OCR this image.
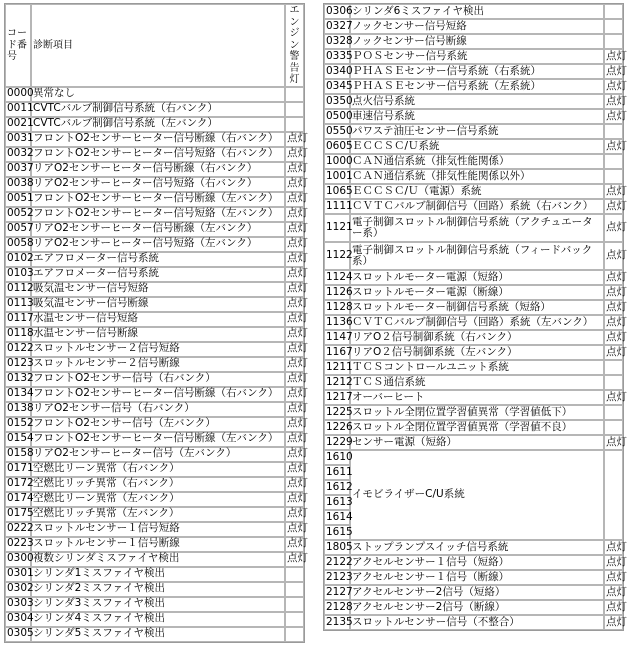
コード番号	診断項目	エンジン警告灯
0000	異常なし	
0011	CVTCバルブ制御信号系統（右バンク）	
0021	CVTCバルブ制御信号系統（左バンク）	
0031	フロントO2センサーヒーター信号断線（右バンク）	点灯
0032	フロントO2センサーヒーター信号短絡（右バンク）	点灯
0037	リアO2センサーヒーター信号断線（右バンク）	点灯
0038	リアO2センサーヒーター信号短絡（右バンク）	点灯
0051	フロントO2センサーヒーター信号断線（左バンク）	点灯
0052	フロントO2センサーヒーター信号短絡（左バンク）	点灯
0057	リアO2センサーヒーター信号断線（左バンク）	点灯
0058	リアO2センサーヒーター信号短絡（左バンク）	点灯
0102	エアフロメーター信号系統	点灯
0103	エアフロメーター信号系統	点灯
0112	吸気温センサー信号短絡	点灯
0113	吸気温センサー信号断線	点灯
0117	水温センサー信号短絡	点灯
0118	水温センサー信号断線	点灯
0122	スロットルセンサー２信号短絡	点灯
0123	スロットルセンサー２信号断線	点灯
0132	フロントO2センサー信号（右バンク）	点灯
0134	フロントO2センサーヒーター信号断線（右バンク）	点灯
0138	リアO2センサー信号（右バンク）	点灯
0152	フロントO2センサー信号（左バンク）	点灯
0154	フロントO2センサーヒーター信号断線（左バンク）	点灯
0158	リアO2センサーヒーター信号（左バンク）	点灯
0171	空燃比リーン異常（右バンク）	点灯
0172	空燃比リッチ異常（右バンク）	点灯
0174	空燃比リーン異常（左バンク）	点灯
0175	空燃比リッチ異常（左バンク）	点灯
0222	スロットルセンサー１信号短絡	点灯
0223	スロットルセンサー１信号断線	点灯
0300	複数シリンダミスファイヤ検出	点灯
0301	シリンダ1ミスファイヤ検出	
0302	シリンダ2ミスファイヤ検出	
0303	シリンダ3ミスファイヤ検出	
0304	シリンダ4ミスファイヤ検出	
0305	シリンダ5ミスファイヤ検出	
0306	シリンダ6ミスファイヤ検出	
0327	ノックセンサー信号短絡	
0328	ノックセンサー信号断線	
0335	ＰＯＳセンサー信号系統	点灯
0340	ＰＨＡＳＥセンサー信号系統（右系統）	点灯
0345	ＰＨＡＳＥセンサー信号系統（左系統）	点灯
0350	点火信号系統	点灯
0500	車速信号系統	点灯
0550	パワステ油圧センサー信号系統	
0605	ＥＣＣＳＣ/Ｕ系統	点灯
1000	ＣＡＮ通信系統（排気性能関係）	
1001	ＣＡＮ通信系統（排気性能関係以外）	
1065	ＥＣＣＳＣ/Ｕ（電源）系統	点灯
1111	ＣＶＴＣバルブ制御信号（回路）系統（右バンク）	点灯
1121	電子制御スロットル制御信号系統（アクチュエーター系）	点灯
1122	電子制御スロットル制御信号系統（フィードバック系）	点灯
1124	スロットルモーター電源（短絡）	点灯
1126	スロットルモーター電源（断線）	点灯
1128	スロットルモーター制御信号系統（短絡）	点灯
1136	ＣＶＴＣバルブ制御信号（回路）系統（左バンク）	点灯
1147	リアO２信号制御系統（右バンク）	点灯
1167	リアO２信号制御系統（左バンク）	点灯
1211	ＴＣＳコントロールユニット系統	
1212	ＴＣＳ通信系統	
1217	オーバーヒート	点灯
1225	スロットル全閉位置学習値異常（学習値低下）	
1226	スロットル全閉位置学習値異常（学習値不良）	
1229	センサー電源（短絡）	点灯
1610	イモビライザーC/U系統	
1611		
1612		
1613		
1614		
1615		
1805	ストップランプスイッチ信号系統	点灯
2122	アクセルセンサー１信号（短絡）	点灯
2123	アクセルセンサー１信号（断線）	点灯
2127	アクセルセンサー2信号（短絡）	点灯
2128	アクセルセンサー2信号（断線）	点灯
2135	スロットルセンサー信号（不整合）	点灯
